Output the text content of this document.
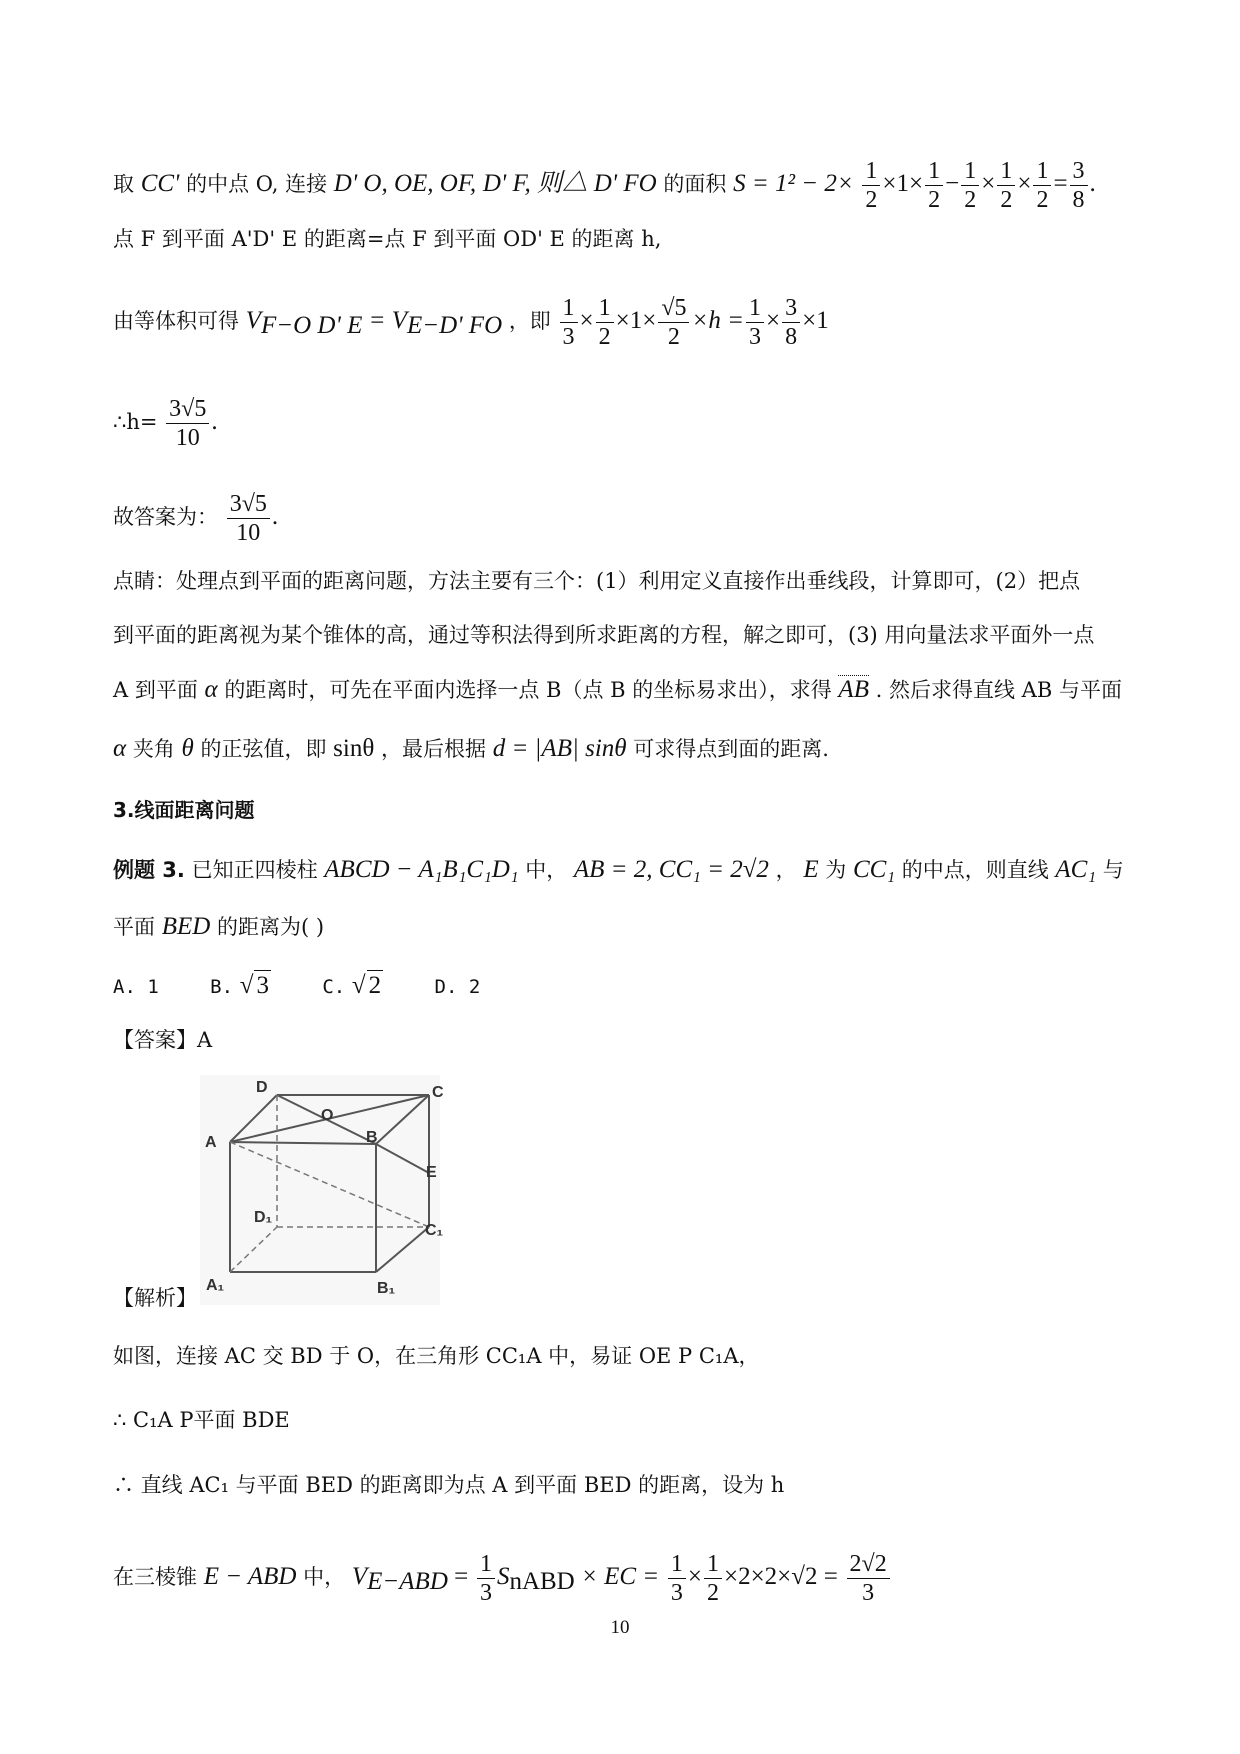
取 CC' 的中点 O, 连接 D' O, OE, OF, D' F, 则△ D' FO 的面积 $S = 1^2 - 2\times \frac{1}{2} \times 1\times \frac{1}{2} - \frac{1}{2} \times \frac{1}{2} \times \frac{1}{2} = \frac{3}{8}$ .
点 F 到平面 A'D' E 的距离=点 F 到平面 OD' E 的距离 h,
由等体积可得 $V_{F-O D' E} = V_{E-D' FO}$ ，即 $\frac{1}{3} \times \frac{1}{2} \times 1\times \frac{√5}{2} \times h = \frac{1}{3} \times \frac{3}{8} \times 1$
∴h= $\frac{3√5}{10}$ .
故答案为： $\frac{3√5}{10}$ .
点睛：处理点到平面的距离问题，方法主要有三个：(1）利用定义直接作出垂线段，计算即可，(2）把点
到平面的距离视为某个锥体的高，通过等积法得到所求距离的方程，解之即可，(3) 用向量法求平面外一点
A 到平面 α 的距离时，可先在平面内选择一点 B（点 B 的坐标易求出），求得 AB . 然后求得直线 AB 与平面
α 夹角 θ 的正弦值，即 sinθ ，最后根据 d = |AB| sinθ 可求得点到面的距离.
3.线面距离问题
例题 3. 已知正四棱柱 ABCD − A₁B₁C₁D₁ 中， AB = 2, CC₁ = 2√2 ， E 为 CC₁ 的中点，则直线 AC₁ 与
平面 BED 的距离为( )
A. 1	B. √ 3	C. √ 2	D. 2
【答案】A
D	C
O
B
A
E
D₁
C₁
A₁	B₁
【解析】
如图，连接 AC 交 BD 于 O，在三角形 CC₁A 中，易证 OE P C₁A，
∴ C₁A P平面 BDE
∴ 直线 AC₁ 与平面 BED 的距离即为点 A 到平面 BED 的距离，设为 h
在三棱锥 E − ABD 中， $V_{E-ABD} = \frac{1}{3} S_{nABD}$ × EC = $\frac{1}{3} \times \frac{1}{2} \times 2\times 2\times√2 = \frac{2√2}{3}$
10
